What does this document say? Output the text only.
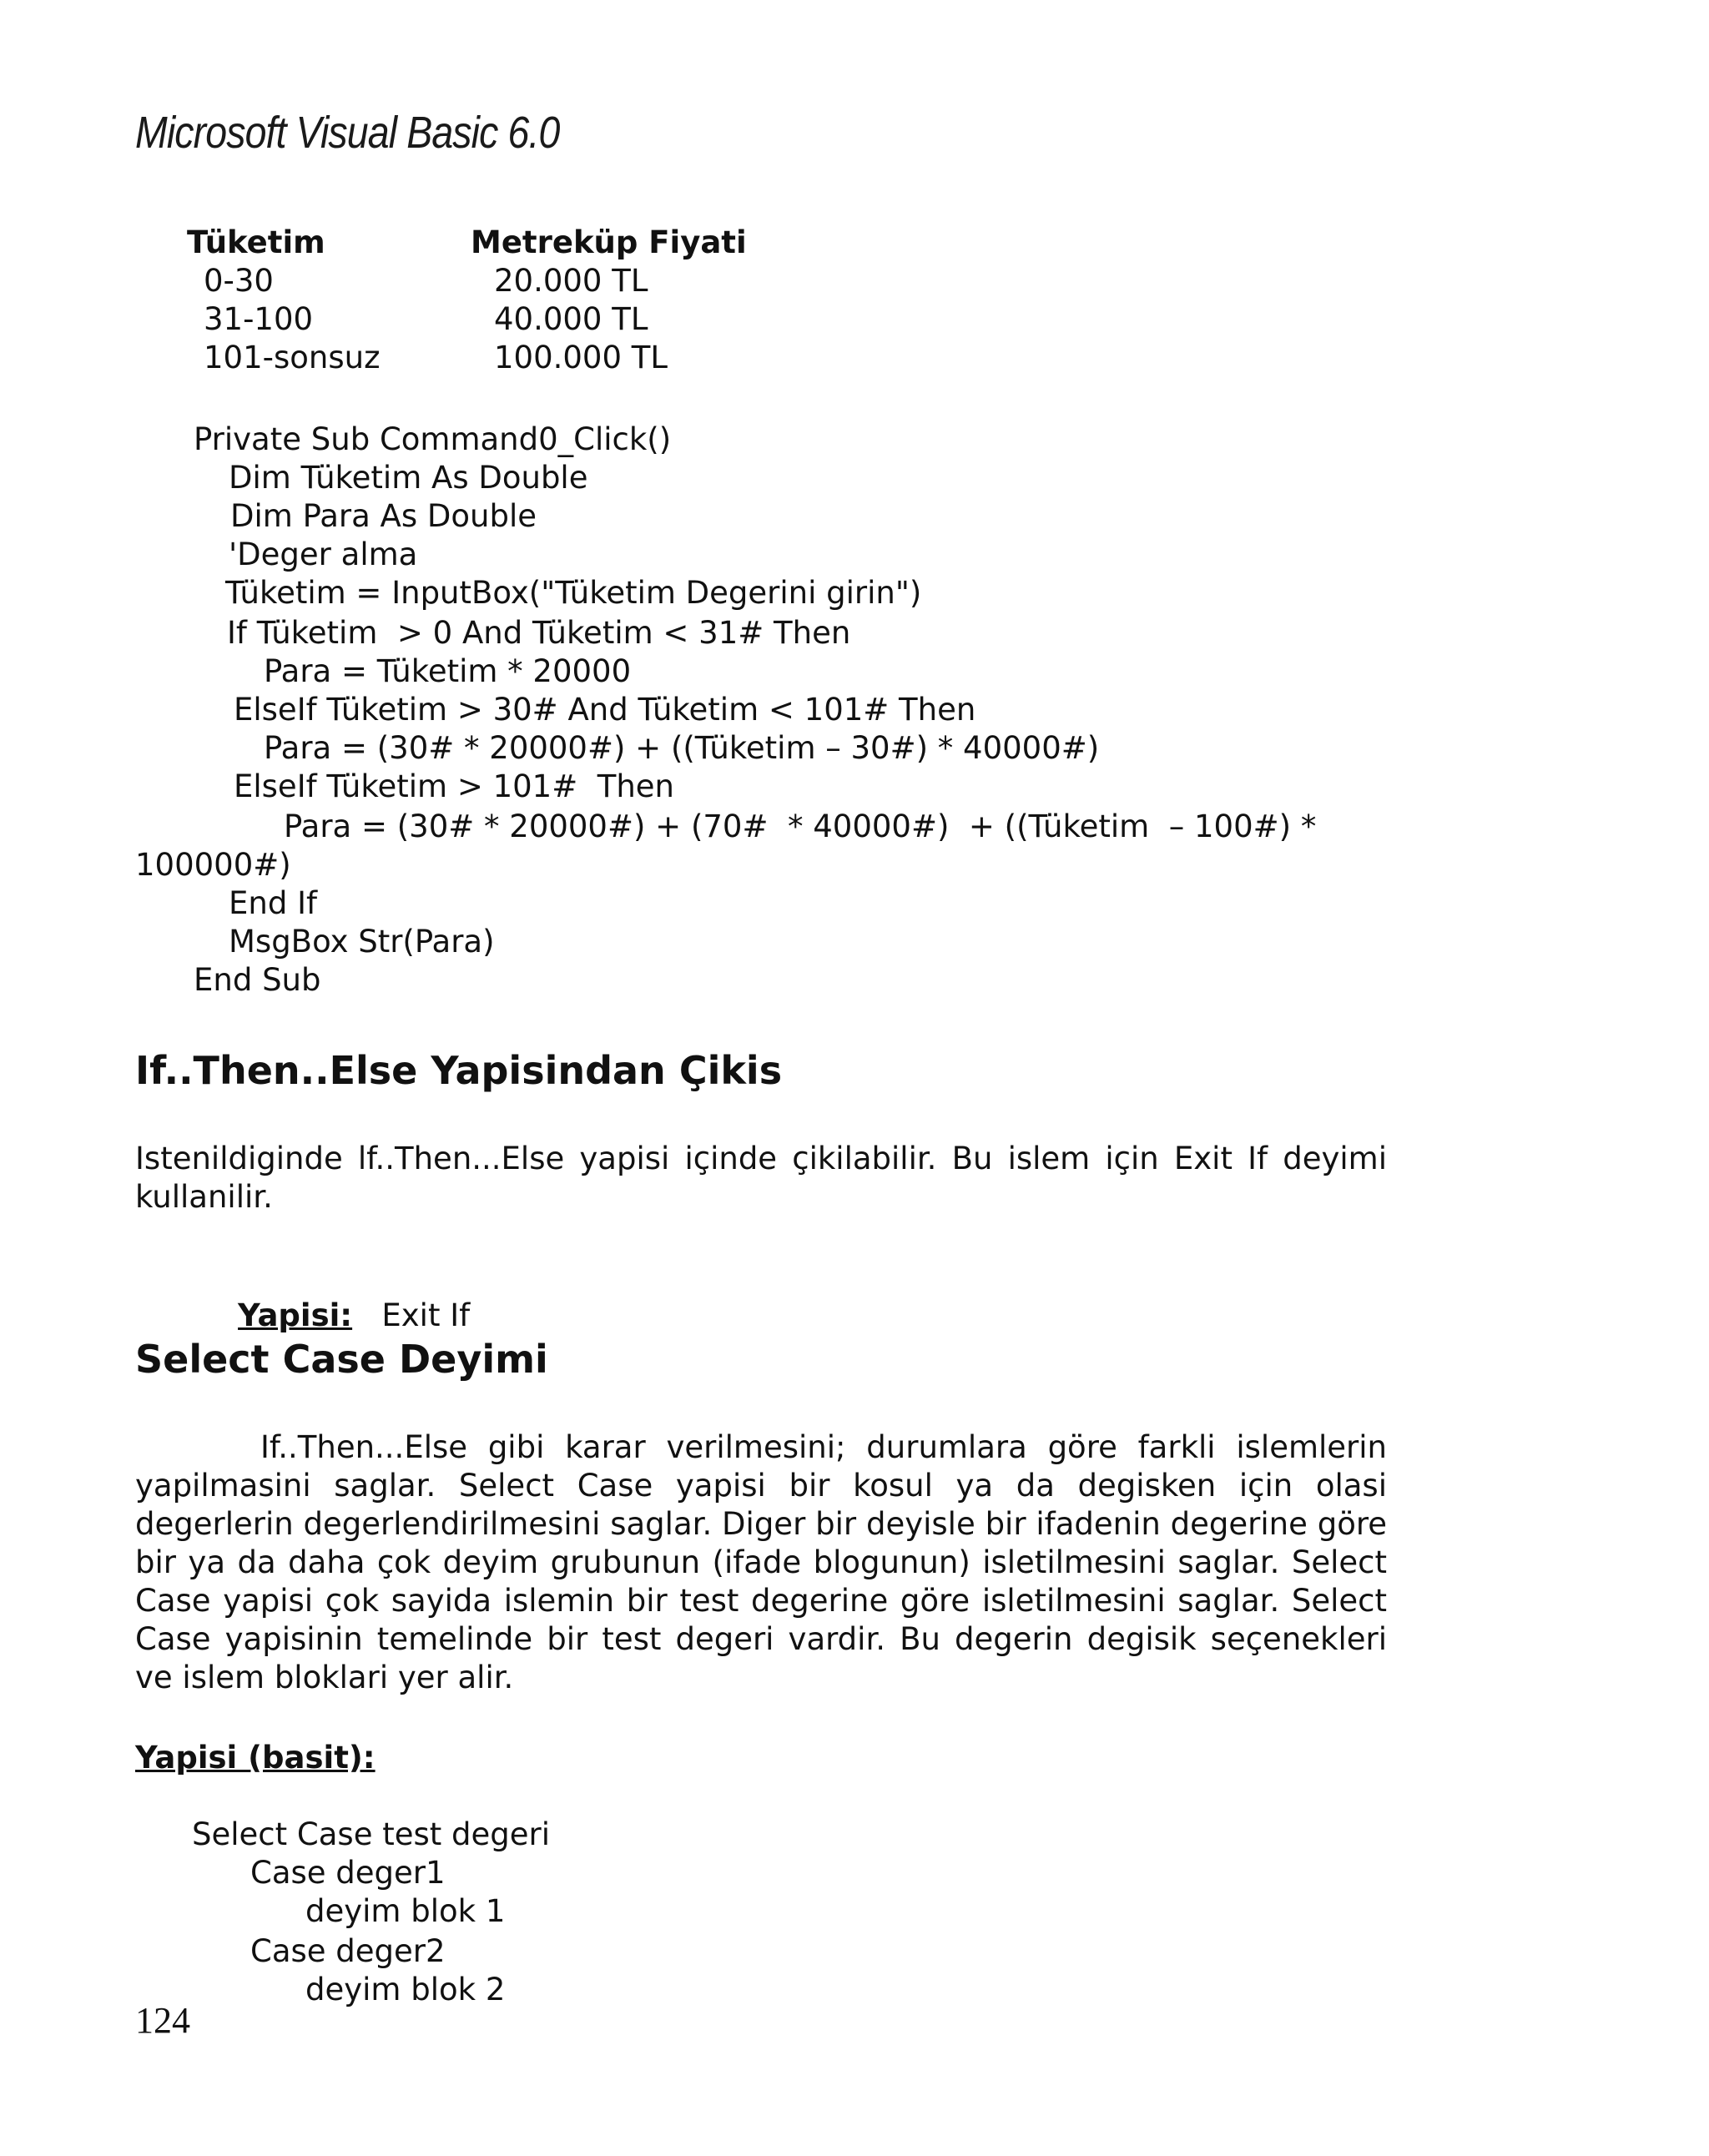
Microsoft Visual Basic 6.0
Tüketim	Metreküp Fiyati
0-30	20.000 TL
31-100	40.000 TL
101-sonsuz	100.000 TL
Private Sub Command0_Click()
Dim Tüketim As Double
Dim Para As Double
'Deger alma
Tüketim = InputBox("Tüketim Degerini girin")
If Tüketim  > 0 And Tüketim < 31# Then
Para = Tüketim * 20000
ElseIf Tüketim > 30# And Tüketim < 101# Then
Para = (30# * 20000#) + ((Tüketim – 30#) * 40000#)
ElseIf Tüketim > 101#  Then
Para = (30# * 20000#) + (70#  * 40000#)  + ((Tüketim  – 100#) *
100000#)
End If
MsgBox Str(Para)
End Sub
If..Then..Else Yapisindan Çikis

Istenildiginde lf..Then...Else yapisi içinde çikilabilir. Bu islem için Exit If deyimi kullanilir.

Yapisi: Exit If

Select Case Deyimi

If..Then...Else gibi karar verilmesini; durumlara göre farkli islemlerin yapilmasini saglar. Select Case yapisi bir kosul ya da degisken için olasi degerlerin degerlendirilmesini saglar. Diger bir deyisle bir ifadenin degerine göre bir ya da daha çok deyim grubunun (ifade blogunun) isletilmesini saglar. Select Case yapisi çok sayida islemin bir test degerine göre isletilmesini saglar. Select Case yapisinin temelinde bir test degeri vardir. Bu degerin degisik seçenekleri ve islem bloklari yer alir.

Yapisi (basit):
Select Case test degeri
Case deger1
deyim blok 1
Case deger2
deyim blok 2
124
